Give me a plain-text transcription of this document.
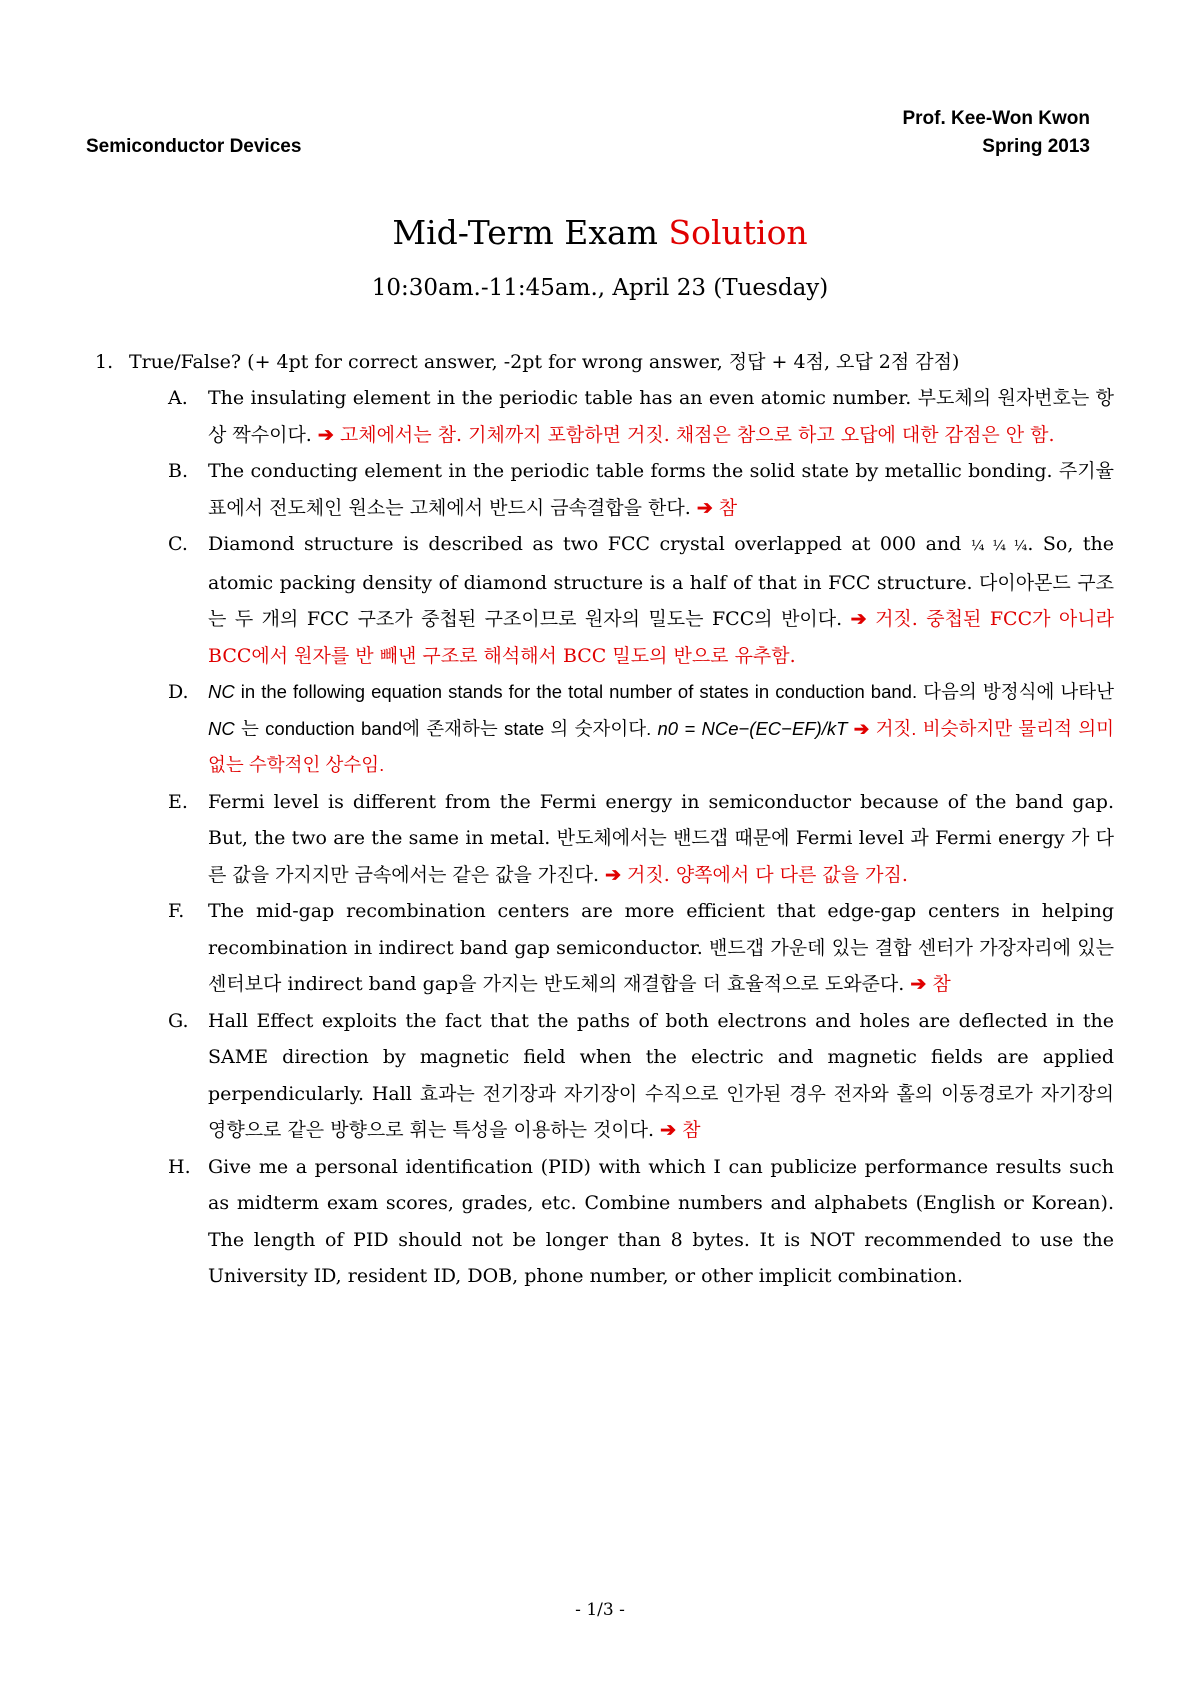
Prof. Kee-Won Kwon
Semiconductor Devices	Spring 2013
Mid-Term Exam Solution
10:30am.-11:45am., April 23 (Tuesday)
1. True/False? (+ 4pt for correct answer, -2pt for wrong answer, 정답 + 4점, 오답 2점 감점)
A. The insulating element in the periodic table has an even atomic number. 부도체의 원자번호는 항상 짝수이다. ➔ 고체에서는 참. 기체까지 포함하면 거짓. 채점은 참으로 하고 오답에 대한 감점은 안 함.
B. The conducting element in the periodic table forms the solid state by metallic bonding. 주기율표에서 전도체인 원소는 고체에서 반드시 금속결합을 한다. ➔ 참
C. Diamond structure is described as two FCC crystal overlapped at 000 and ¼ ¼ ¼. So, the atomic packing density of diamond structure is a half of that in FCC structure. 다이아몬드 구조는 두 개의 FCC 구조가 중첩된 구조이므로 원자의 밀도는 FCC의 반이다. ➔ 거짓. 중첩된 FCC가 아니라 BCC에서 원자를 반 빼낸 구조로 해석해서 BCC 밀도의 반으로 유추함.
D. NC in the following equation stands for the total number of states in conduction band. 다음의 방정식에 나타난 NC 는 conduction band에 존재하는 state 의 숫자이다. n0 = NCe−(EC−EF)/kT ➔ 거짓. 비슷하지만 물리적 의미없는 수학적인 상수임.
E. Fermi level is different from the Fermi energy in semiconductor because of the band gap. But, the two are the same in metal. 반도체에서는 밴드갭 때문에 Fermi level 과 Fermi energy 가 다른 값을 가지지만 금속에서는 같은 값을 가진다. ➔ 거짓. 양쪽에서 다 다른 값을 가짐.
F. The mid-gap recombination centers are more efficient that edge-gap centers in helping recombination in indirect band gap semiconductor. 밴드갭 가운데 있는 결합 센터가 가장자리에 있는 센터보다 indirect band gap을 가지는 반도체의 재결합을 더 효율적으로 도와준다. ➔ 참
G. Hall Effect exploits the fact that the paths of both electrons and holes are deflected in the SAME direction by magnetic field when the electric and magnetic fields are applied perpendicularly. Hall 효과는 전기장과 자기장이 수직으로 인가된 경우 전자와 홀의 이동경로가 자기장의 영향으로 같은 방향으로 휘는 특성을 이용하는 것이다. ➔ 참
H. Give me a personal identification (PID) with which I can publicize performance results such as midterm exam scores, grades, etc. Combine numbers and alphabets (English or Korean). The length of PID should not be longer than 8 bytes. It is NOT recommended to use the University ID, resident ID, DOB, phone number, or other implicit combination.
- 1/3 -
